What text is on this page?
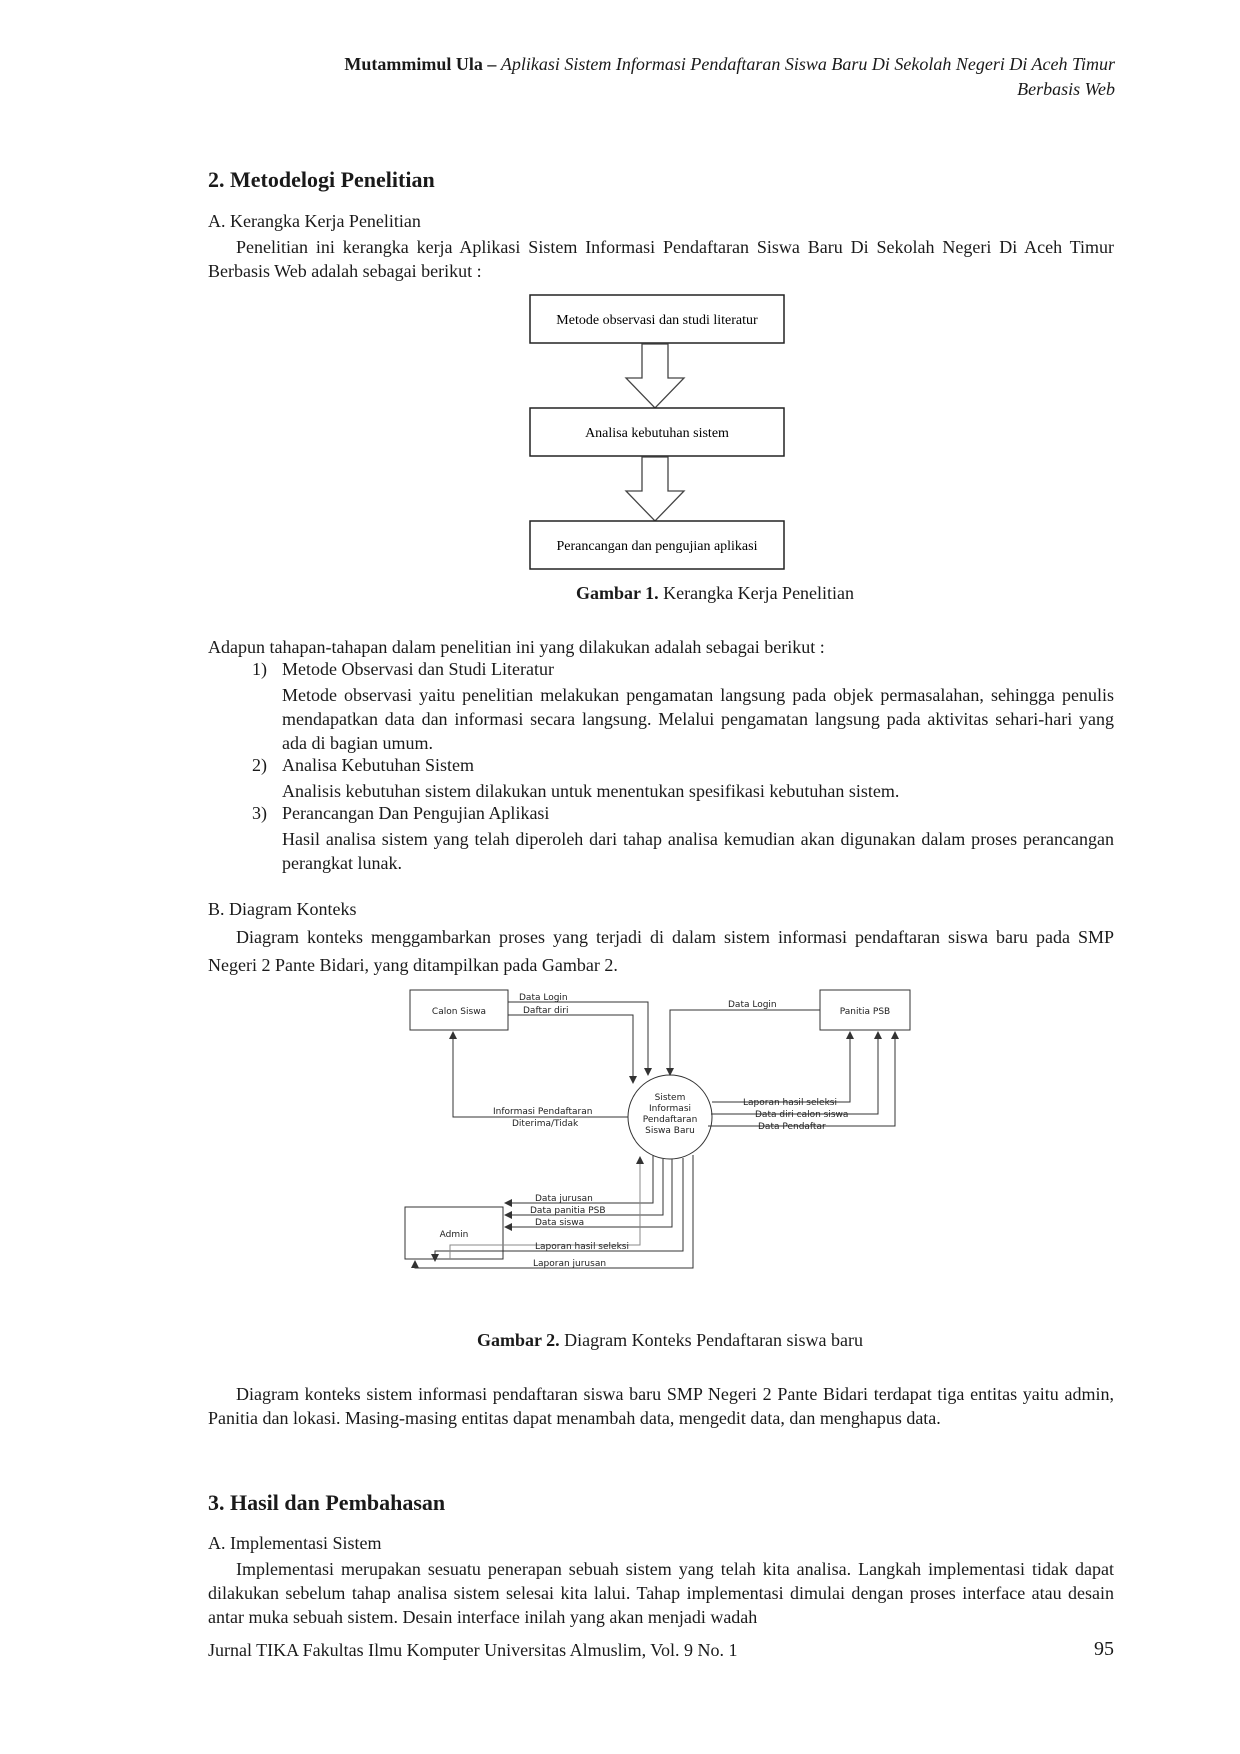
Mutammimul Ula – Aplikasi Sistem Informasi Pendaftaran Siswa Baru Di Sekolah Negeri Di Aceh Timur
Berbasis Web
2. Metodelogi Penelitian
A. Kerangka Kerja Penelitian
Penelitian ini kerangka kerja Aplikasi Sistem Informasi Pendaftaran Siswa Baru Di Sekolah Negeri Di Aceh Timur Berbasis Web adalah sebagai berikut :
Metode observasi dan studi literatur
Analisa kebutuhan sistem
Perancangan dan pengujian aplikasi
Gambar 1. Kerangka Kerja Penelitian
Adapun tahapan-tahapan dalam penelitian ini yang dilakukan adalah sebagai berikut :
1) Metode Observasi dan Studi Literatur
Metode observasi yaitu penelitian melakukan pengamatan langsung pada objek permasalahan, sehingga penulis mendapatkan data dan informasi secara langsung. Melalui pengamatan langsung pada aktivitas sehari-hari yang ada di bagian umum.
2) Analisa Kebutuhan Sistem
Analisis kebutuhan sistem dilakukan untuk menentukan spesifikasi kebutuhan sistem.
3) Perancangan Dan Pengujian Aplikasi
Hasil analisa sistem yang telah diperoleh dari tahap analisa kemudian akan digunakan dalam proses perancangan perangkat lunak.
B. Diagram Konteks
Diagram konteks menggambarkan proses yang terjadi di dalam sistem informasi pendaftaran siswa baru pada SMP Negeri 2 Pante Bidari, yang ditampilkan pada Gambar 2.
Calon Siswa	Panitia PSB
Admin
Sistem
Informasi
Pendaftaran
Siswa Baru
Data Login
Daftar diri
Data Login
Informasi Pendaftaran
Diterima/Tidak
Laporan hasil seleksi
Data diri calon siswa
Data Pendaftar
Data jurusan
Data panitia PSB
Data siswa
Laporan hasil seleksi
Laporan jurusan
Gambar 2. Diagram Konteks Pendaftaran siswa baru
Diagram konteks sistem informasi pendaftaran siswa baru SMP Negeri 2 Pante Bidari terdapat tiga entitas yaitu admin, Panitia dan lokasi. Masing-masing entitas dapat menambah data, mengedit data, dan menghapus data.
3. Hasil dan Pembahasan
A. Implementasi Sistem
Implementasi merupakan sesuatu penerapan sebuah sistem yang telah kita analisa. Langkah implementasi tidak dapat dilakukan sebelum tahap analisa sistem selesai kita lalui. Tahap implementasi dimulai dengan proses interface atau desain antar muka sebuah sistem. Desain interface inilah yang akan menjadi wadah
Jurnal TIKA Fakultas Ilmu Komputer Universitas Almuslim, Vol. 9 No. 1	95
